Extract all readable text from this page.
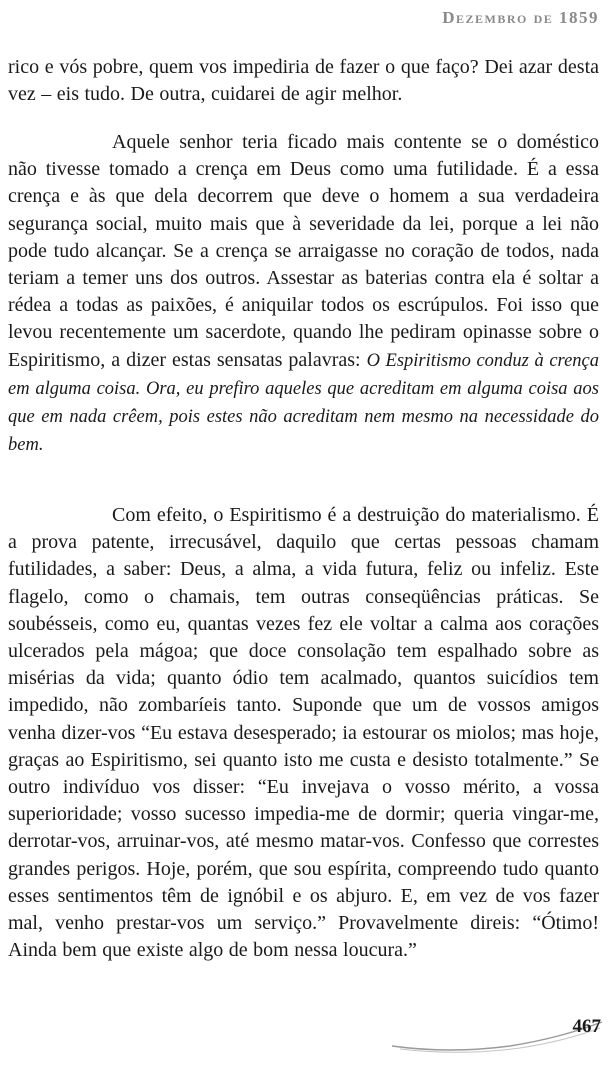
Dezembro de 1859

rico e vós pobre, quem vos impediria de fazer o que faço? Dei azar desta vez – eis tudo. De outra, cuidarei de agir melhor.

Aquele senhor teria ficado mais contente se o doméstico não tivesse tomado a crença em Deus como uma futilidade. É a essa crença e às que dela decorrem que deve o homem a sua verdadeira segurança social, muito mais que à severidade da lei, porque a lei não pode tudo alcançar. Se a crença se arraigasse no coração de todos, nada teriam a temer uns dos outros. Assestar as baterias contra ela é soltar a rédea a todas as paixões, é aniquilar todos os escrúpulos. Foi isso que levou recentemente um sacerdote, quando lhe pediram opinasse sobre o Espiritismo, a dizer estas sensatas palavras: O Espiritismo conduz à crença em alguma coisa. Ora, eu prefiro aqueles que acreditam em alguma coisa aos que em nada crêem, pois estes não acreditam nem mesmo na necessidade do bem.

Com efeito, o Espiritismo é a destruição do materialismo. É a prova patente, irrecusável, daquilo que certas pessoas chamam futilidades, a saber: Deus, a alma, a vida futura, feliz ou infeliz. Este flagelo, como o chamais, tem outras conseqüências práticas. Se soubésseis, como eu, quantas vezes fez ele voltar a calma aos corações ulcerados pela mágoa; que doce consolação tem espalhado sobre as misérias da vida; quanto ódio tem acalmado, quantos suicídios tem impedido, não zombaríeis tanto. Suponde que um de vossos amigos venha dizer-vos “Eu estava desesperado; ia estourar os miolos; mas hoje, graças ao Espiritismo, sei quanto isto me custa e desisto totalmente.” Se outro indivíduo vos disser: “Eu invejava o vosso mérito, a vossa superioridade; vosso sucesso impedia-me de dormir; queria vingar-me, derrotar-vos, arruinar-vos, até mesmo matar-vos. Confesso que correstes grandes perigos. Hoje, porém, que sou espírita, compreendo tudo quanto esses sentimentos têm de ignóbil e os abjuro. E, em vez de vos fazer mal, venho prestar-vos um serviço.” Provavelmente direis: “Ótimo! Ainda bem que existe algo de bom nessa loucura.”

467
